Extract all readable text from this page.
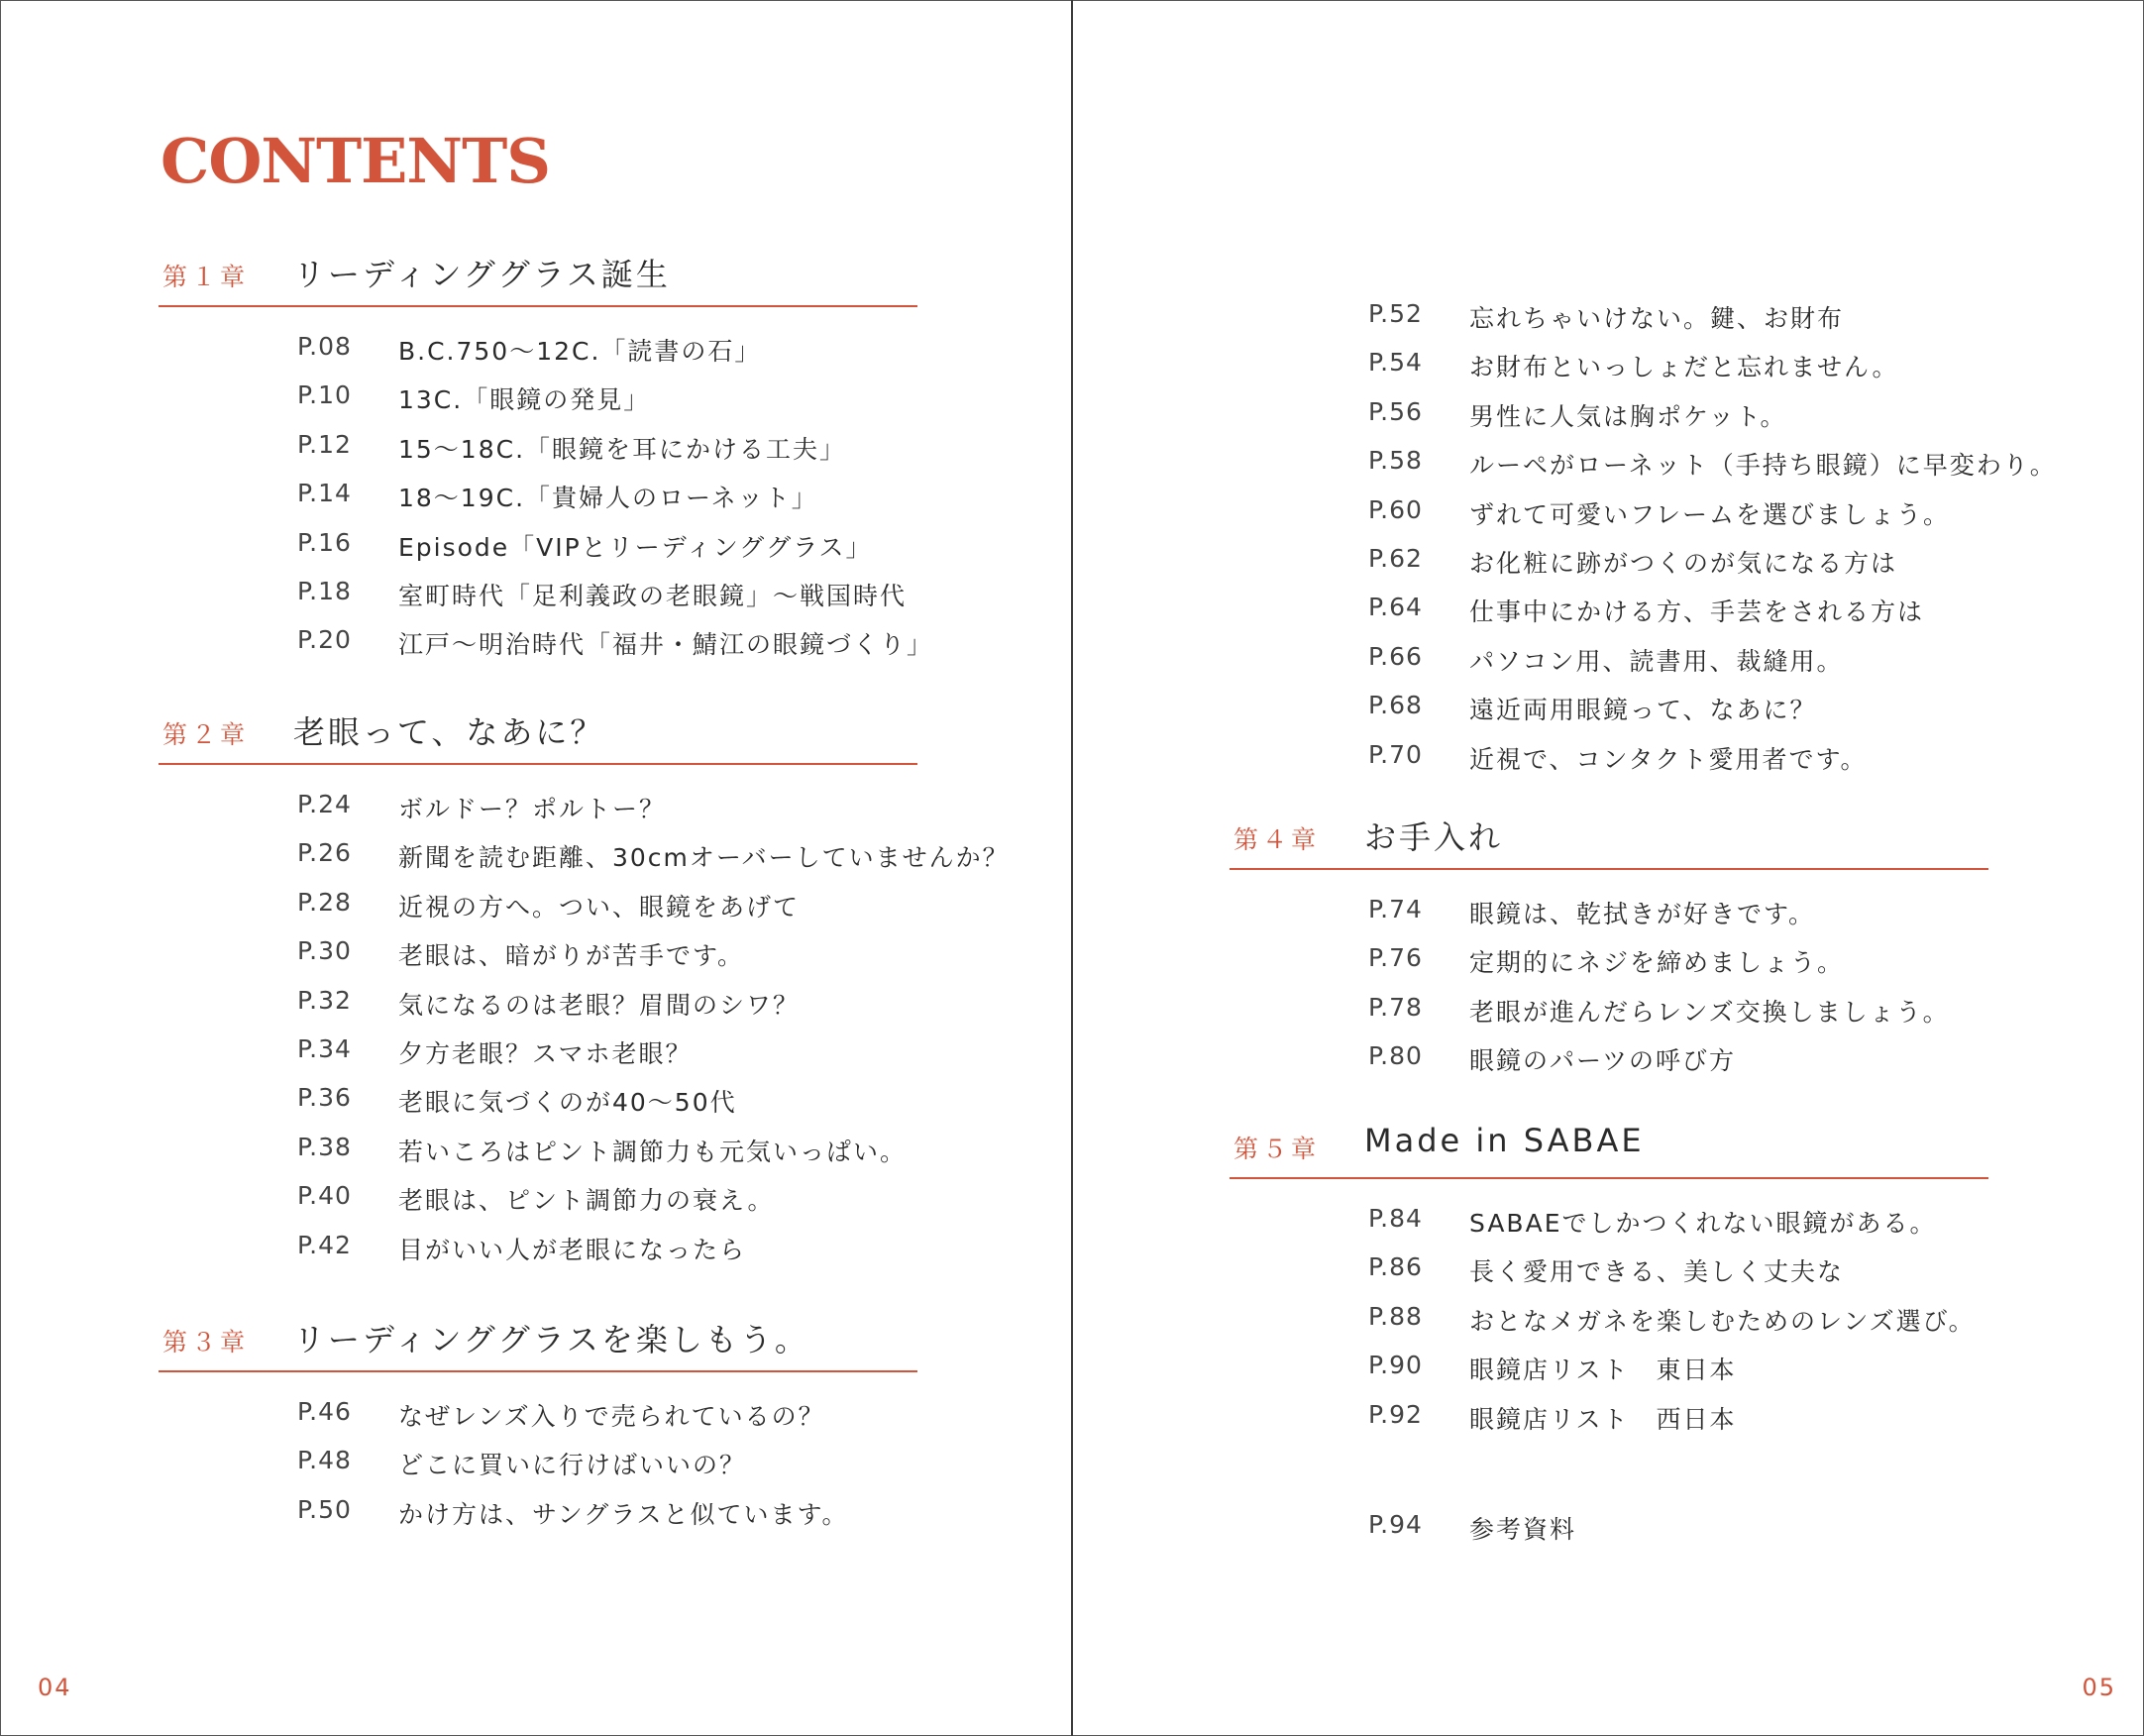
CONTENTS
第１章 リーディンググラス誕生
P.08 B.C.750～12C.「読書の石」
P.10 13C.「眼鏡の発見」
P.12 15～18C.「眼鏡を耳にかける工夫」
P.14 18～19C.「貴婦人のローネット」
P.16 Episode「VIPとリーディンググラス」
P.18 室町時代「足利義政の老眼鏡」～戦国時代
P.20 江戸～明治時代「福井・鯖江の眼鏡づくり」
第２章 老眼って、なあに？
P.24 ボルドー？ポルトー？
P.26 新聞を読む距離、30cmオーバーしていませんか？
P.28 近視の方へ。つい、眼鏡をあげて
P.30 老眼は、暗がりが苦手です。
P.32 気になるのは老眼？眉間のシワ？
P.34 夕方老眼？スマホ老眼？
P.36 老眼に気づくのが40～50代
P.38 若いころはピント調節力も元気いっぱい。
P.40 老眼は、ピント調節力の衰え。
P.42 目がいい人が老眼になったら
第３章 リーディンググラスを楽しもう。
P.46 なぜレンズ入りで売られているの？
P.48 どこに買いに行けばいいの？
P.50 かけ方は、サングラスと似ています。
04
P.52 忘れちゃいけない。鍵、お財布
P.54 お財布といっしょだと忘れません。
P.56 男性に人気は胸ポケット。
P.58 ルーペがローネット（手持ち眼鏡）に早変わり。
P.60 ずれて可愛いフレームを選びましょう。
P.62 お化粧に跡がつくのが気になる方は
P.64 仕事中にかける方、手芸をされる方は
P.66 パソコン用、読書用、裁縫用。
P.68 遠近両用眼鏡って、なあに？
P.70 近視で、コンタクト愛用者です。
第４章 お手入れ
P.74 眼鏡は、乾拭きが好きです。
P.76 定期的にネジを締めましょう。
P.78 老眼が進んだらレンズ交換しましょう。
P.80 眼鏡のパーツの呼び方
第５章 Made in SABAE
P.84 SABAEでしかつくれない眼鏡がある。
P.86 長く愛用できる、美しく丈夫な
P.88 おとなメガネを楽しむためのレンズ選び。
P.90 眼鏡店リスト　東日本
P.92 眼鏡店リスト　西日本
P.94 参考資料
05
